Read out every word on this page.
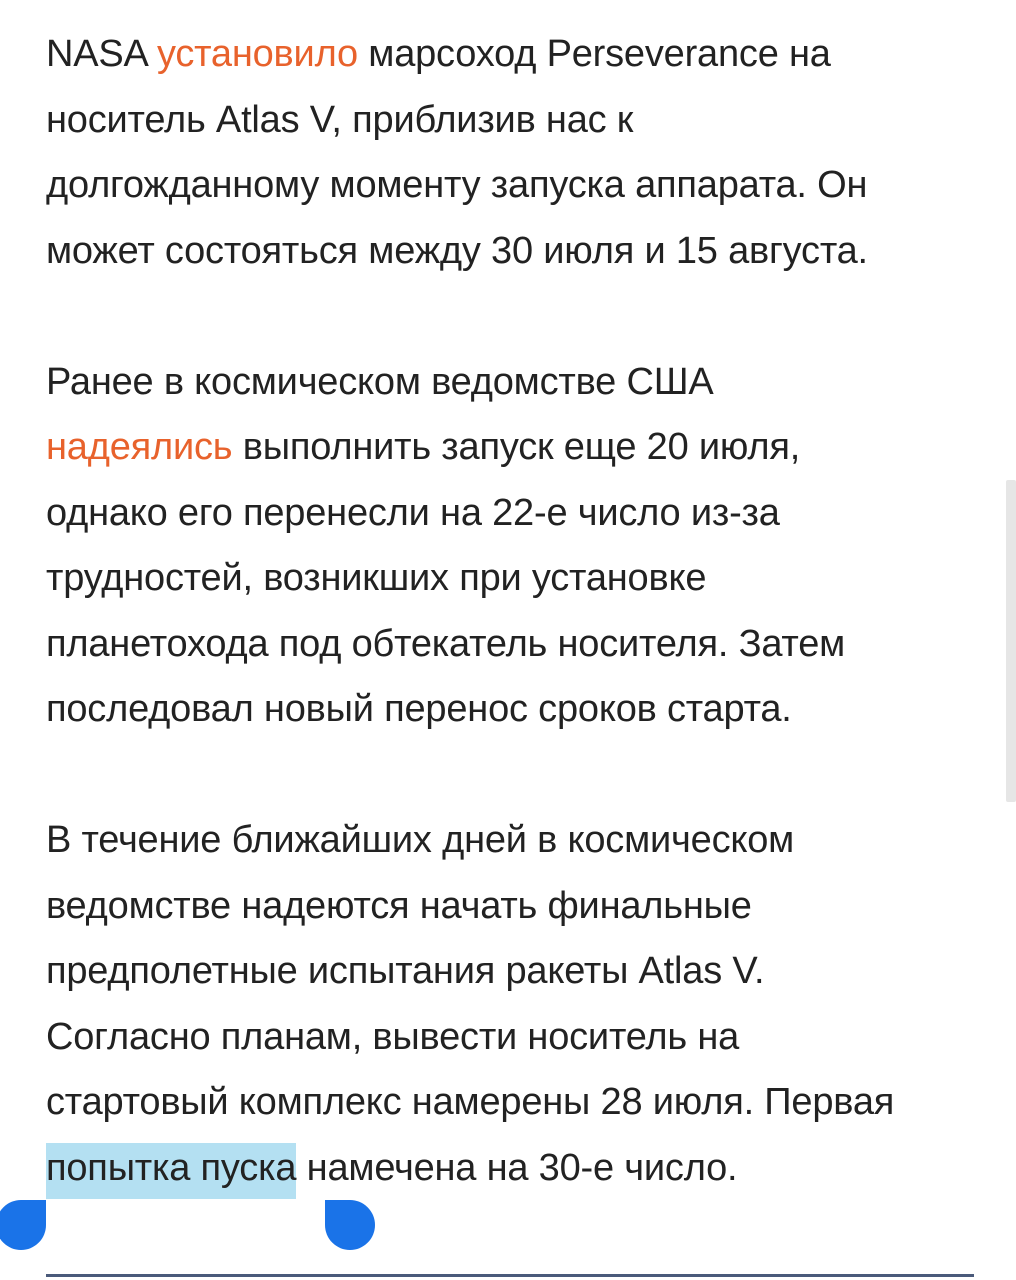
NASA установило марсоход Perseverance на
носитель Atlas V, приблизив нас к
долгожданному моменту запуска аппарата. Он
может состояться между 30 июля и 15 августа.

Ранее в космическом ведомстве США
надеялись выполнить запуск еще 20 июля,
однако его перенесли на 22-е число из-за
трудностей, возникших при установке
планетохода под обтекатель носителя. Затем
последовал новый перенос сроков старта.

В течение ближайших дней в космическом
ведомстве надеются начать финальные
предполетные испытания ракеты Atlas V.
Согласно планам, вывести носитель на
стартовый комплекс намерены 28 июля. Первая
попытка пуска намечена на 30-е число.
